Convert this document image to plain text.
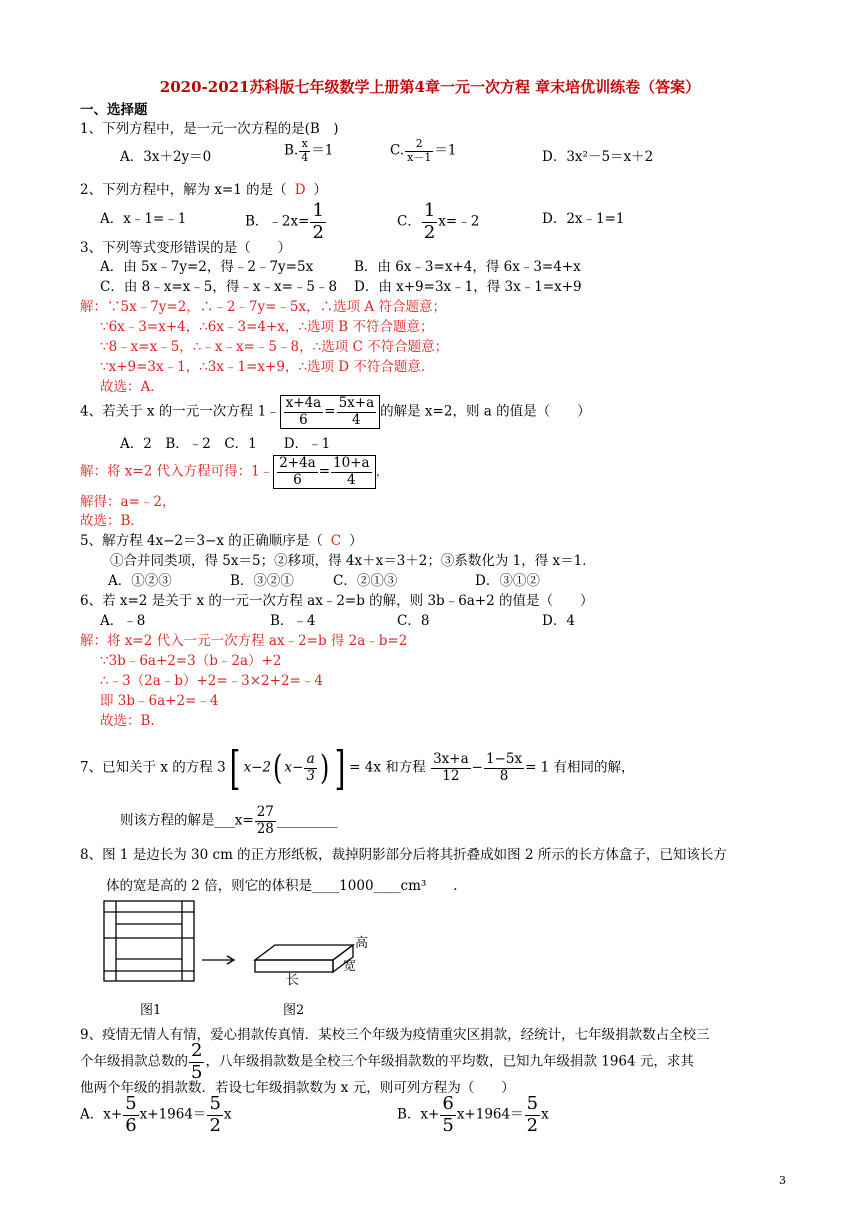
2020-2021苏科版七年级数学上册第4章一元一次方程 章末培优训练卷（答案）
一、选择题
1、下列方程中，是一元一次方程的是(B　)
A．3x＋2y＝0	B. $\frac{x}{4} =1$	C. $\frac{2}{x-1} =1$	D．3x²－5＝x＋2
2、下列方程中，解为 x=1 的是（ D ）
A．x﹣1=﹣1	B．﹣2x= $\frac{1}{2}$	C． $\frac{1}{2}$ x=﹣2	D．2x﹣1=1
3、下列等式变形错误的是（　　）
A．由 5x﹣7y=2，得﹣2﹣7y=5x	B．由 6x﹣3=x+4，得 6x﹣3=4+x
C．由 8﹣x=x﹣5，得﹣x﹣x=﹣5﹣8 D．由 x+9=3x﹣1，得 3x﹣1=x+9
解：∵5x﹣7y=2，∴﹣2﹣7y=﹣5x，∴选项 A 符合题意；
∵6x﹣3=x+4，∴6x﹣3=4+x，∴选项 B 不符合题意；
∵8﹣x=x﹣5，∴﹣x﹣x=﹣5﹣8，∴选项 C 不符合题意；
∵x+9=3x﹣1，∴3x﹣1=x+9，∴选项 D 不符合题意．
故选：A．
4、若关于 x 的一元一次方程 1﹣ $\frac{x+4a}{6} = \frac{5x+a}{4}$ 的解是 x=2，则 a 的值是（　　）
A．2　B．﹣2　C．1　　D．﹣1
解：将 x=2 代入方程可得：1﹣ $\frac{2+4a}{6} = \frac{10+a}{4}$ ，
解得：a=﹣2，
故选：B．
5、解方程 4x−2＝3−x 的正确顺序是（ C ）
①合并同类项，得 5x＝5；②移项，得 4x＋x＝3＋2；③系数化为 1，得 x＝1．
A．①②③	B．③②①	C．②①③	D．③①②
6、若 x=2 是关于 x 的一元一次方程 ax﹣2=b 的解，则 3b﹣6a+2 的值是（　　）
A．﹣8	B．﹣4	C．8	D．4
解：将 x=2 代入一元一次方程 ax﹣2=b 得 2a﹣b=2
∵3b﹣6a+2=3（b﹣2a）+2
∴﹣3（2a﹣b）+2=﹣3×2+2=﹣4
即 3b﹣6a+2=﹣4
故选：B.
7、已知关于 x 的方程 3[ x−2( $x- \frac{a}{3}$ ) ] = 4x 和方程 $\frac{3x+a}{12} - \frac{1-5x}{8} = 1$ 有相同的解，
则该方程的解是___x= $\frac{27}{28}$ _________
8、图 1 是边长为 30 cm 的正方形纸板，裁掉阴影部分后将其折叠成如图 2 所示的长方体盒子，已知该长方
体的宽是高的 2 倍，则它的体积是____1000____cm³　　.
高
宽
长
图1	图2
9、疫情无情人有情，爱心捐款传真情．某校三个年级为疫情重灾区捐款，经统计，七年级捐款数占全校三
个年级捐款总数的 $\frac{2}{5}$ ，八年级捐款数是全校三个年级捐款数的平均数，已知九年级捐款 1964 元，求其
他两个年级的捐款数．若设七年级捐款数为 x 元，则可列方程为（　　）
A．$x+ \frac{5}{6} x+1964= \frac{5}{2}$ x	B．$x+ \frac{6}{5} x+1964= \frac{5}{2}$ x
3
